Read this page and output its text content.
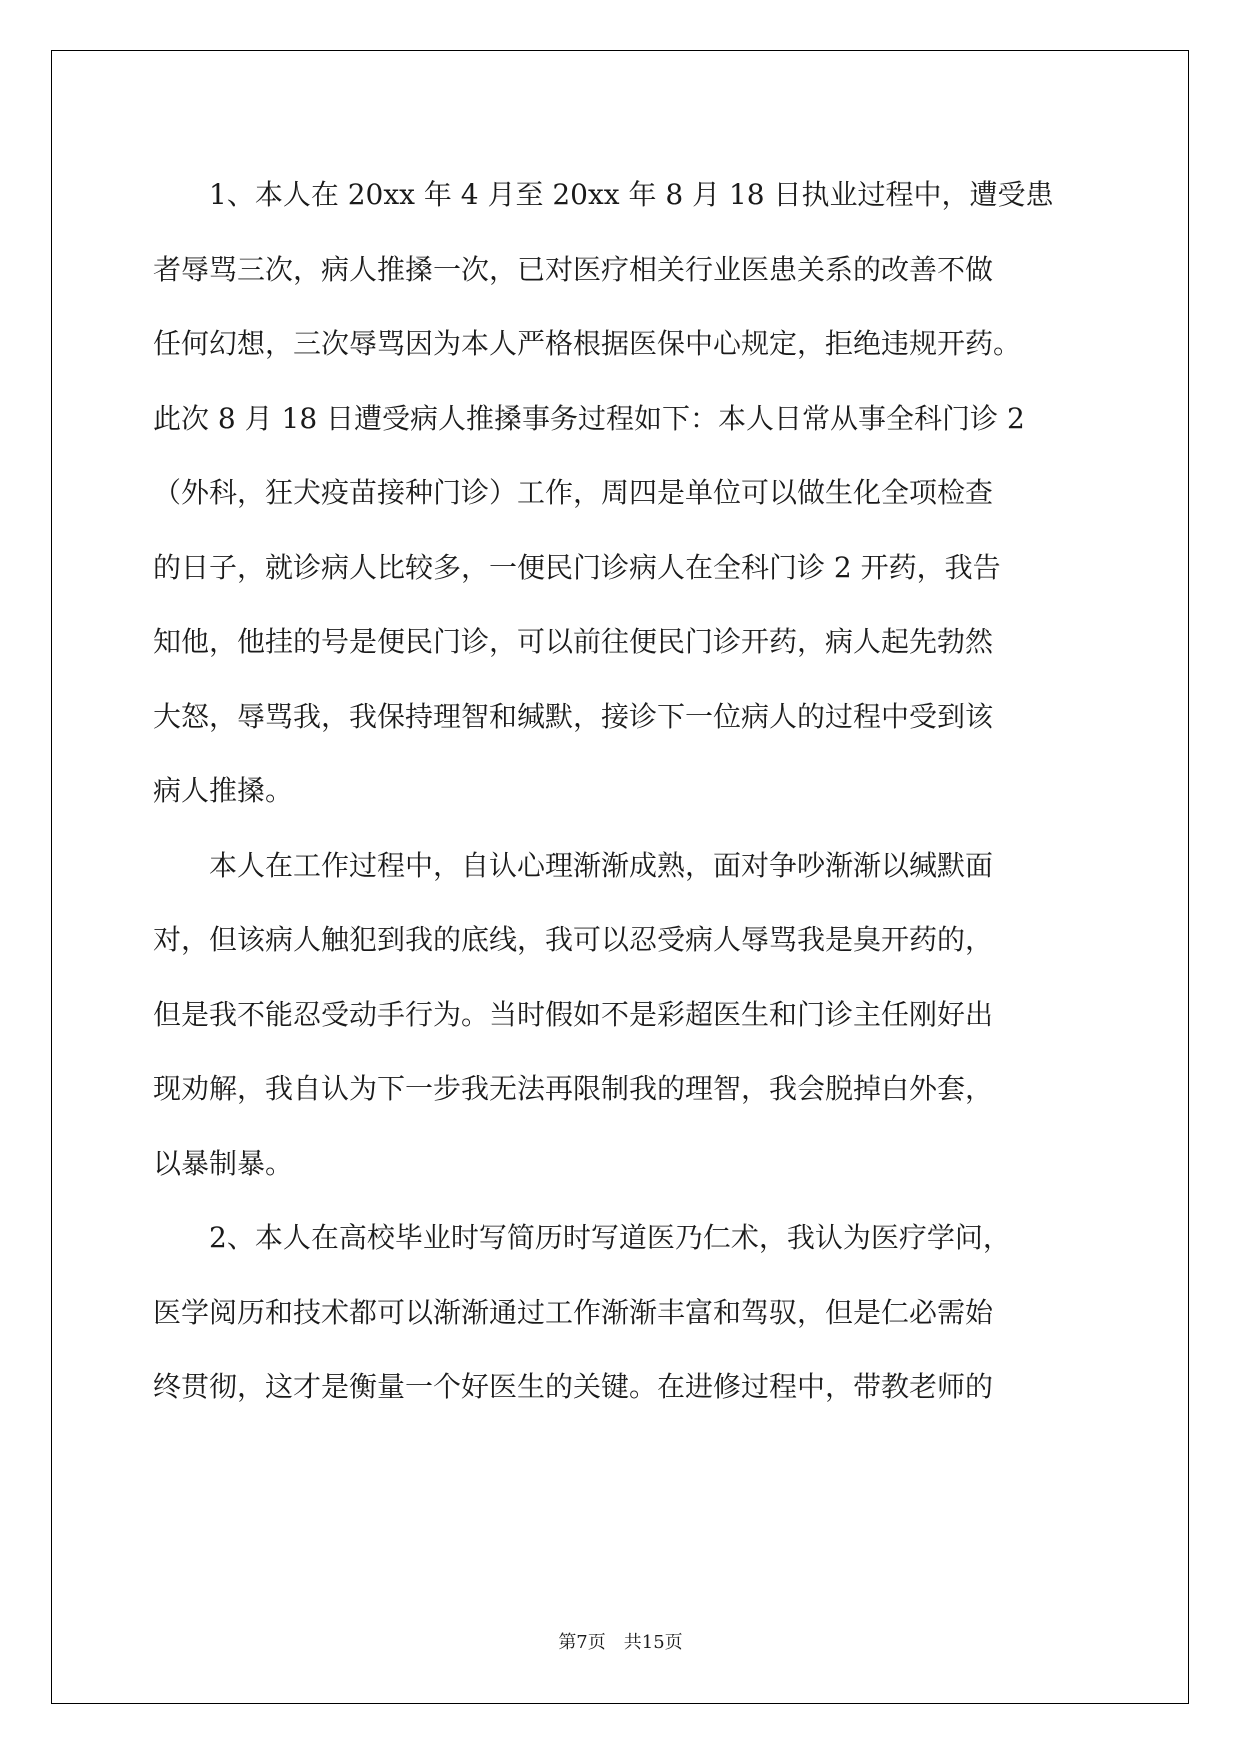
1、本人在 20xx 年 4 月至 20xx 年 8 月 18 日执业过程中，遭受患
者辱骂三次，病人推搡一次，已对医疗相关行业医患关系的改善不做
任何幻想，三次辱骂因为本人严格根据医保中心规定，拒绝违规开药。
此次 8 月 18 日遭受病人推搡事务过程如下：本人日常从事全科门诊 2
（外科，狂犬疫苗接种门诊）工作，周四是单位可以做生化全项检查
的日子，就诊病人比较多，一便民门诊病人在全科门诊 2 开药，我告
知他，他挂的号是便民门诊，可以前往便民门诊开药，病人起先勃然
大怒，辱骂我，我保持理智和缄默，接诊下一位病人的过程中受到该
病人推搡。
本人在工作过程中，自认心理渐渐成熟，面对争吵渐渐以缄默面
对，但该病人触犯到我的底线，我可以忍受病人辱骂我是臭开药的，
但是我不能忍受动手行为。当时假如不是彩超医生和门诊主任刚好出
现劝解，我自认为下一步我无法再限制我的理智，我会脱掉白外套，
以暴制暴。
2、本人在高校毕业时写简历时写道医乃仁术，我认为医疗学问，
医学阅历和技术都可以渐渐通过工作渐渐丰富和驾驭，但是仁必需始
终贯彻，这才是衡量一个好医生的关键。在进修过程中，带教老师的
第7页 共15页
